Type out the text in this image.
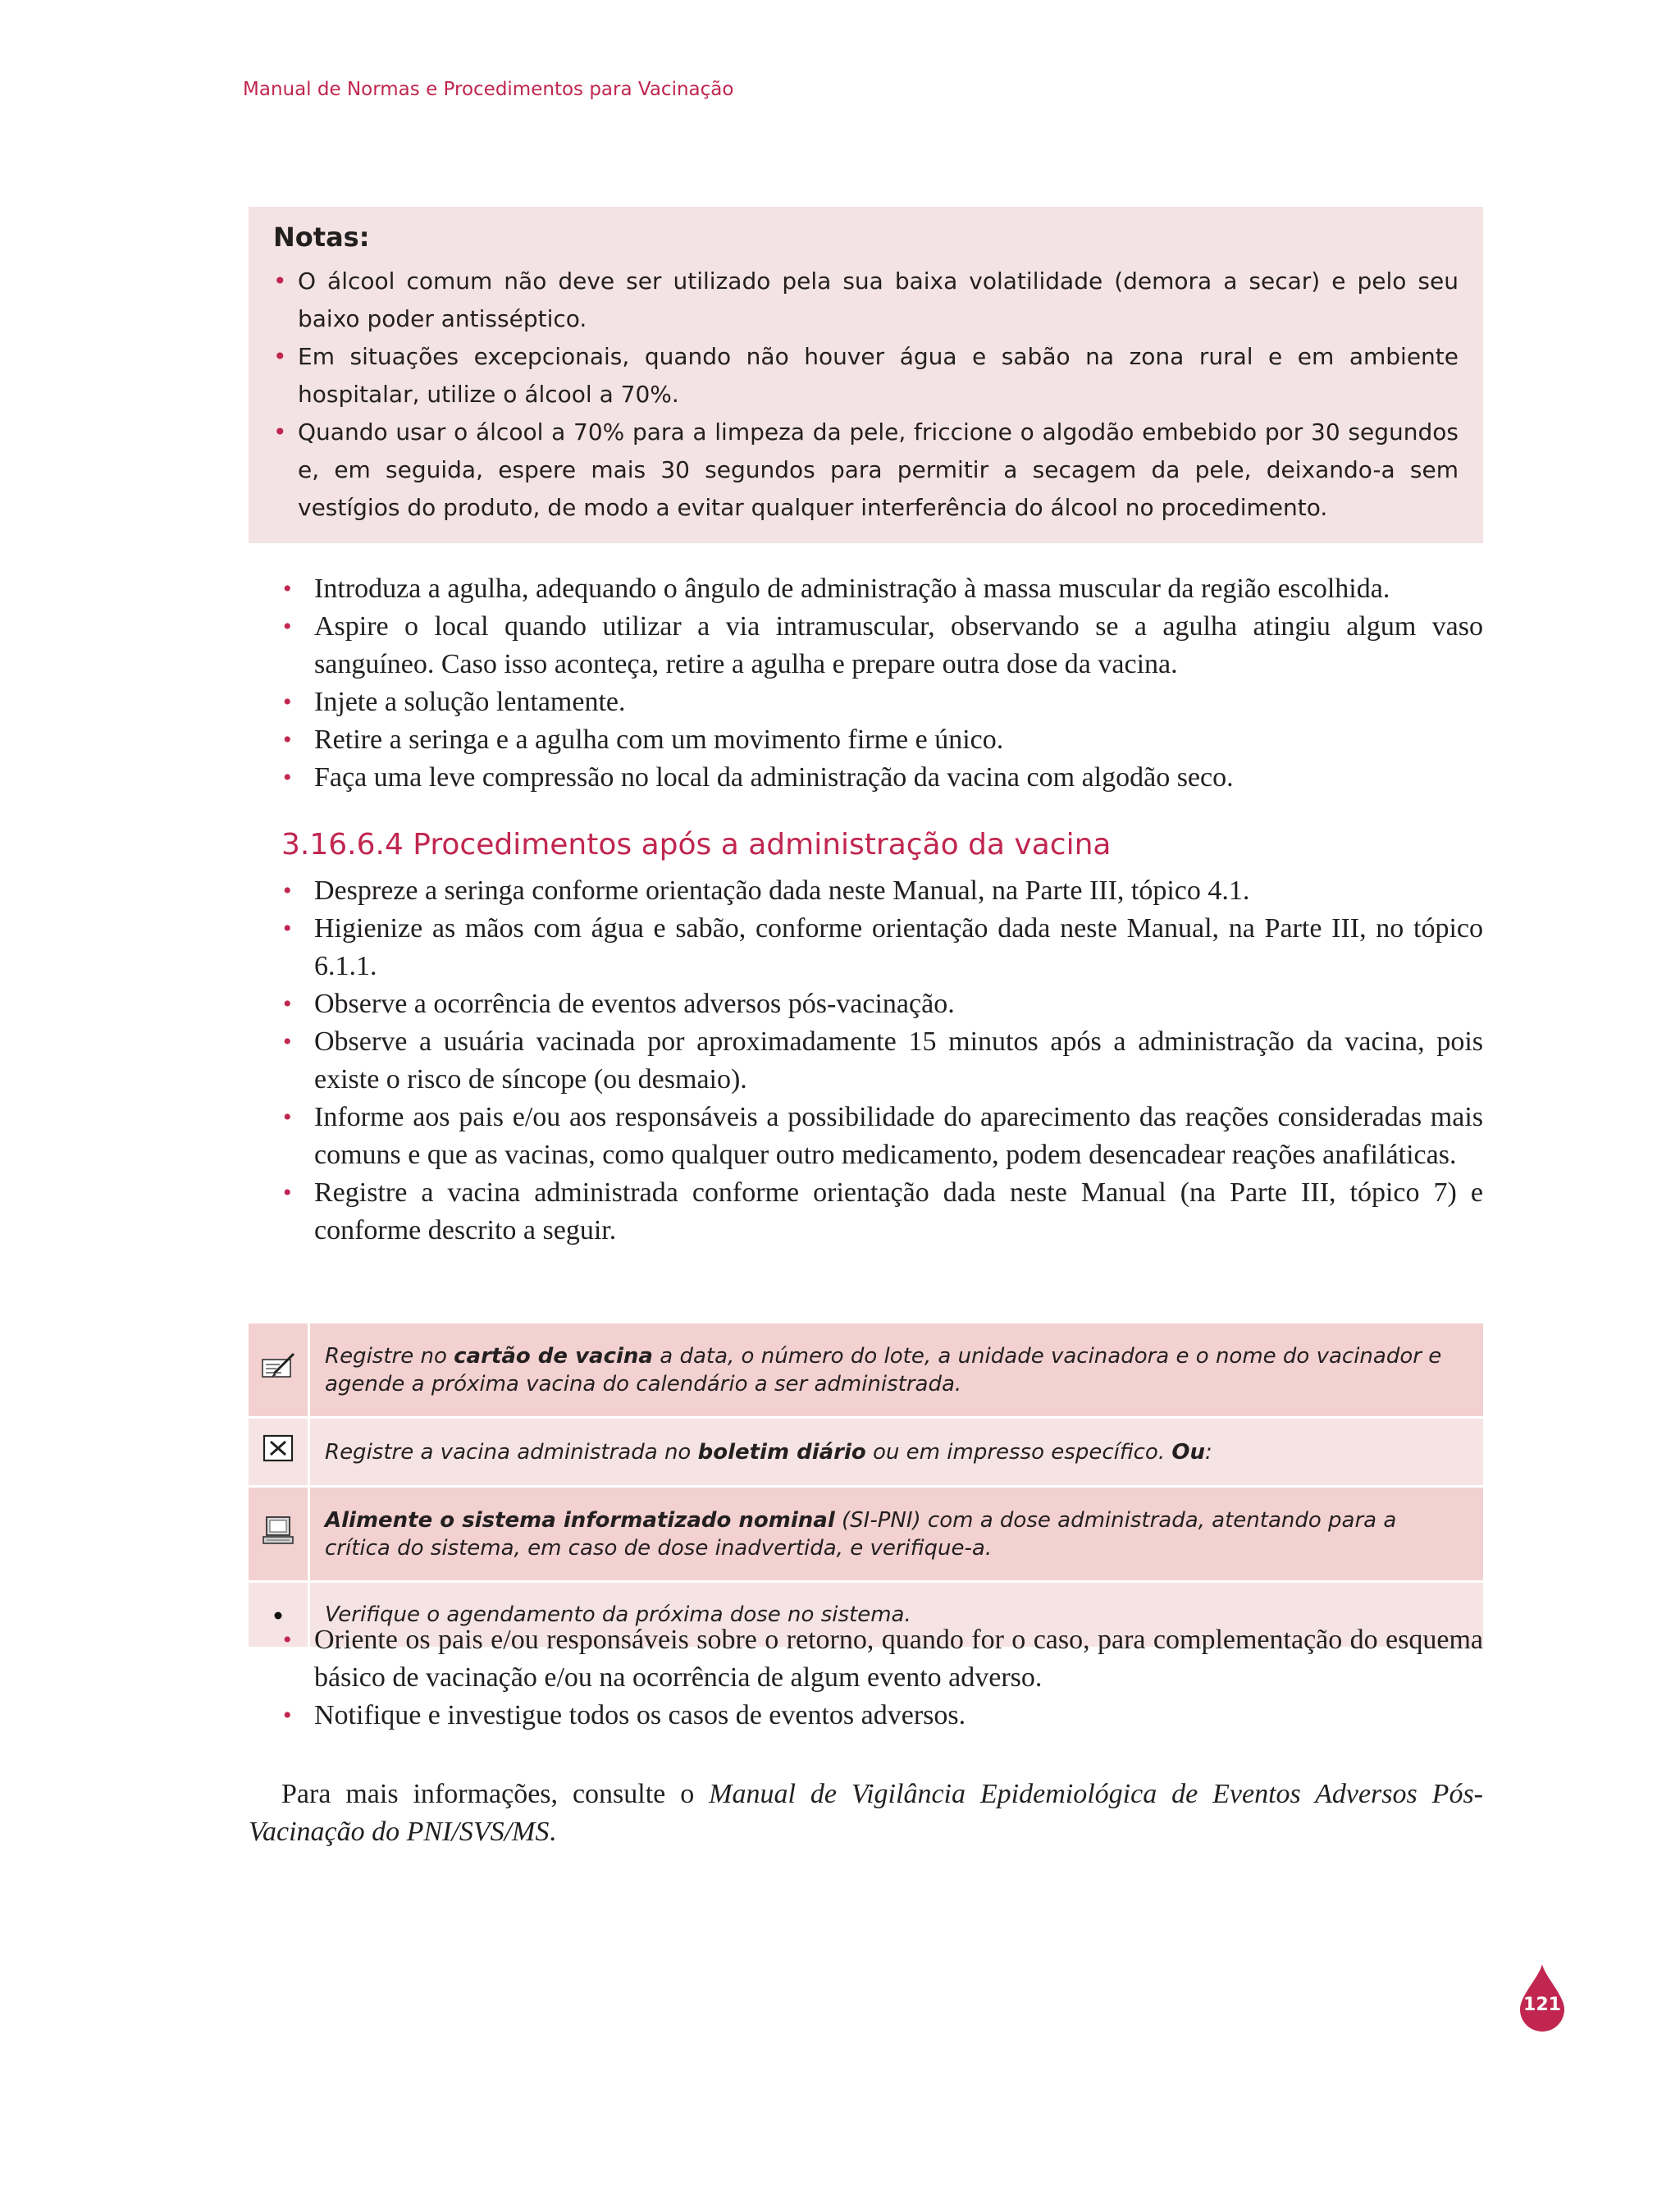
Manual de Normas e Procedimentos para Vacinação
Notas:
• O álcool comum não deve ser utilizado pela sua baixa volatilidade (demora a secar) e pelo seu baixo poder antisséptico.
• Em situações excepcionais, quando não houver água e sabão na zona rural e em ambiente hospitalar, utilize o álcool a 70%.
• Quando usar o álcool a 70% para a limpeza da pele, friccione o algodão embebido por 30 segundos e, em seguida, espere mais 30 segundos para permitir a secagem da pele, deixando-a sem vestígios do produto, de modo a evitar qualquer interferência do álcool no procedimento.
• Introduza a agulha, adequando o ângulo de administração à massa muscular da região escolhida.
• Aspire o local quando utilizar a via intramuscular, observando se a agulha atingiu algum vaso sanguíneo. Caso isso aconteça, retire a agulha e prepare outra dose da vacina.
• Injete a solução lentamente.
• Retire a seringa e a agulha com um movimento firme e único.
• Faça uma leve compressão no local da administração da vacina com algodão seco.
3.16.6.4 Procedimentos após a administração da vacina
• Despreze a seringa conforme orientação dada neste Manual, na Parte III, tópico 4.1.
• Higienize as mãos com água e sabão, conforme orientação dada neste Manual, na Parte III, no tópico 6.1.1.
• Observe a ocorrência de eventos adversos pós-vacinação.
• Observe a usuária vacinada por aproximadamente 15 minutos após a administração da vacina, pois existe o risco de síncope (ou desmaio).
• Informe aos pais e/ou aos responsáveis a possibilidade do aparecimento das reações consideradas mais comuns e que as vacinas, como qualquer outro medicamento, podem desencadear reações anafiláticas.
• Registre a vacina administrada conforme orientação dada neste Manual (na Parte III, tópico 7) e conforme descrito a seguir.
	Registre no cartão de vacina a data, o número do lote, a unidade vacinadora e o nome do vacinador e agende a próxima vacina do calendário a ser administrada.
	Registre a vacina administrada no boletim diário ou em impresso específico. Ou:
	Alimente o sistema informatizado nominal (SI-PNI) com a dose administrada, atentando para a crítica do sistema, em caso de dose inadvertida, e verifique-a.
	Verifique o agendamento da próxima dose no sistema.
• Oriente os pais e/ou responsáveis sobre o retorno, quando for o caso, para complementação do esquema básico de vacinação e/ou na ocorrência de algum evento adverso.
• Notifique e investigue todos os casos de eventos adversos.

Para mais informações, consulte o Manual de Vigilância Epidemiológica de Eventos Adversos Pós-Vacinação do PNI/SVS/MS.

121
